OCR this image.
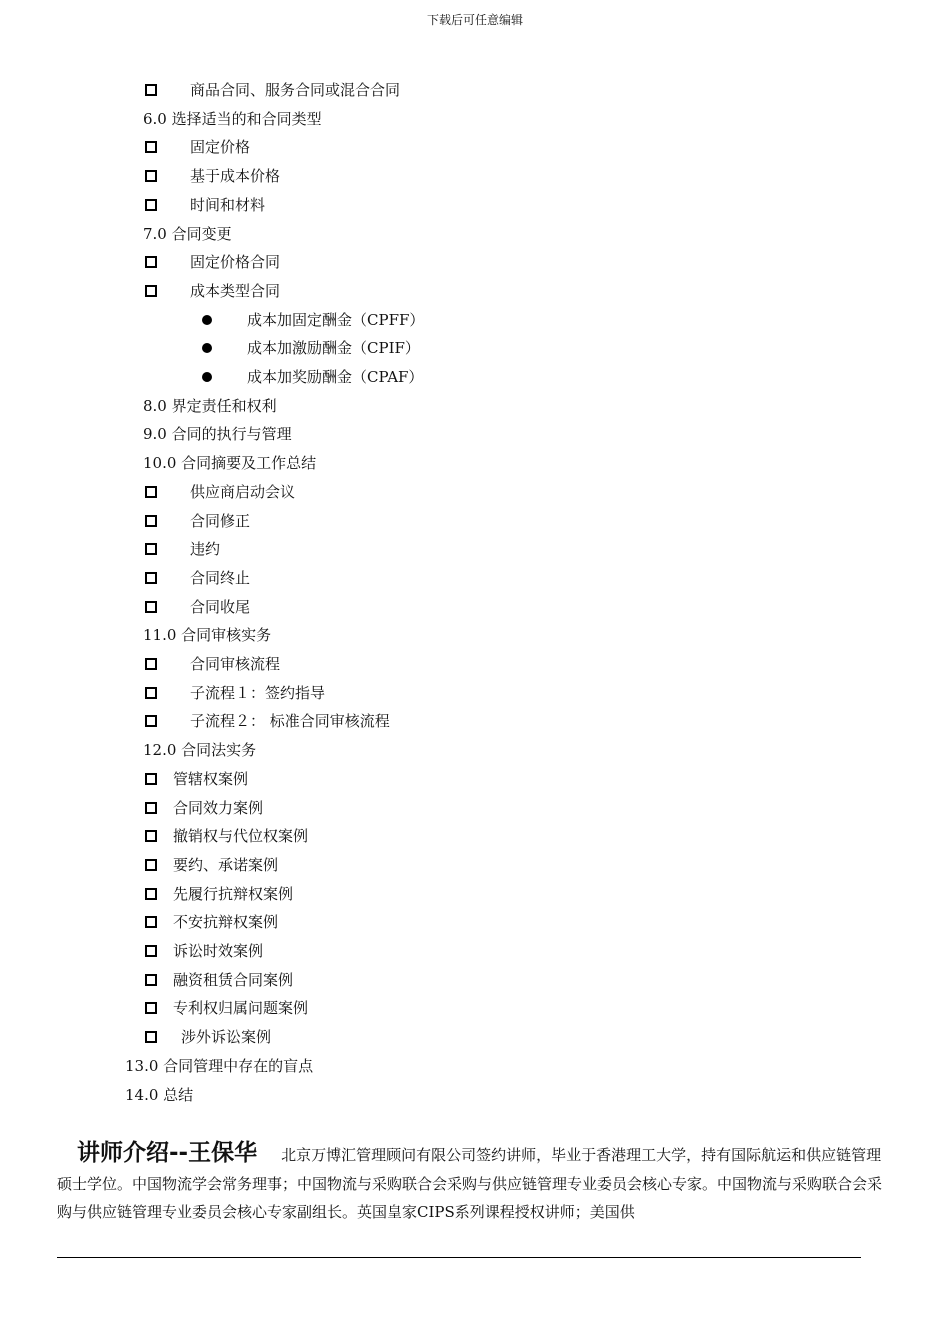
下载后可任意编辑
商品合同、服务合同或混合合同
6.0 选择适当的和合同类型
固定价格
基于成本价格
时间和材料
7.0 合同变更
固定价格合同
成本类型合同
成本加固定酬金（CPFF）
成本加激励酬金（CPIF）
成本加奖励酬金（CPAF）
8.0 界定责任和权利
9.0 合同的执行与管理
10.0 合同摘要及工作总结
供应商启动会议
合同修正
违约
合同终止
合同收尾
11.0 合同审核实务
合同审核流程
子流程１：签约指导
子流程２： 标准合同审核流程
12.0 合同法实务
管辖权案例
合同效力案例
撤销权与代位权案例
要约、承诺案例
先履行抗辩权案例
不安抗辩权案例
诉讼时效案例
融资租赁合同案例
专利权归属问题案例
涉外诉讼案例
13.0 合同管理中存在的盲点
14.0 总结
讲师介绍--王保华 北京万博汇管理顾问有限公司签约讲师，毕业于香港理工大学，持有国际航运和供应链管理硕士学位。中国物流学会常务理事；中国物流与采购联合会采购与供应链管理专业委员会核心专家。中国物流与采购联合会采购与供应链管理专业委员会核心专家副组长。英国皇家CIPS系列课程授权讲师；美国供
